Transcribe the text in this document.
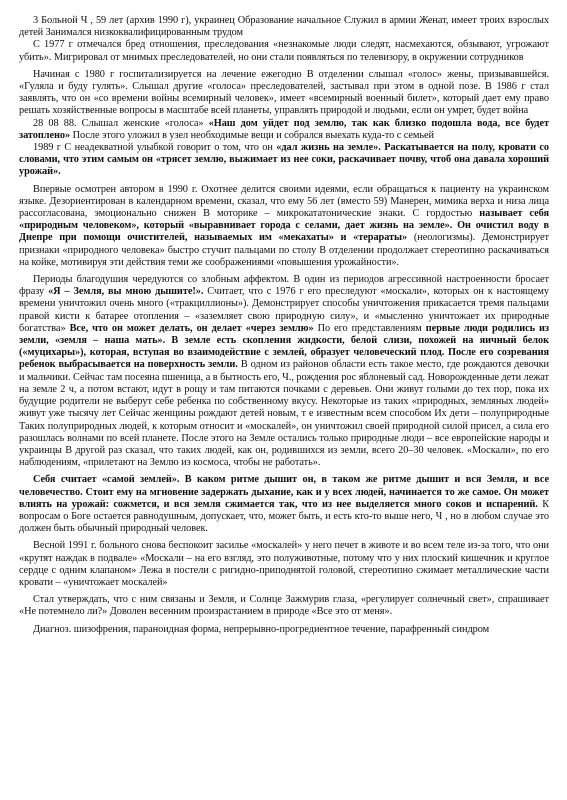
3 Больной Ч , 59 лет (архив 1990 г), украинец Образование начальное Служил в армии Женат, имеет троих взрослых детей Занимался низкоквалифицированным трудом

С 1977 г отмечался бред отношения, преследования «незнакомые люди следят, насмехаются, обзывают, угрожают убить». Мигрировал от мнимых преследователей, но они стали появляться по телевизору, в окружении сотрудников

Начиная с 1980 г госпитализируется на лечение ежегодно В отделении слышал «голос» жены, призывавшейся. «Гуляла и буду гулять». Слышал другие «голоса» преследователей, застывал при этом в одной позе. В 1986 г стал заявлять, что он «со времени войны всемирный человек», имеет «всемирный военный билет», который дает ему право решать хозяйственные вопросы в масштабе всей планеты, управлять природой и людьми, если он умрет, будет война

28 08 88. Слышал женские «голоса» «Наш дом уйдет под землю, так как близко подошла вода, все будет затоплено» После этого уложил в узел необходимые вещи и собрался выехать куда-то с семьей

1989 г С неадекватной улыбкой говорит о том, что он «дал жизнь на земле». Раскатывается на полу, кровати со словами, что этим самым он «трясет землю, выжимает из нее соки, раскачивает почву, чтоб она давала хороший урожай».

Впервые осмотрен автором в 1990 г. Охотнее делится своими идеями, если обращаться к пациенту на украинском языке. Дезориентирован в календарном времени, сказал, что ему 56 лет (вместо 59) Манерен, мимика верха и низа лица рассогласована, эмоционально снижен В моторике – микрокататонические знаки. С гордостью называет себя «природным человеком», который «выравнивает города с селами, дает жизнь на земле». Он очистил воду в Днепре при помощи очистителей, называемых им «мекахаты» и «терараты» (неологизмы). Демонстрирует признаки «природного человека» быстро стучит пальцами по столу В отделении продолжает стереотипно раскачиваться на койке, мотивируя эти действия теми же соображениями «повышения урожайности».

Периоды благодушия чередуются со злобным аффектом. В один из периодов агрессивной настроенности бросает фразу «Я – Земля, вы мною дышите!». Считает, что с 1976 г его преследуют «москали», которых он к настоящему времени уничтожил очень много («тракциллионы»). Демонстрирует способы уничтожения прикасается тремя пальцами правой кисти к батарее отопления – «заземляет свою природную силу», и «мысленно уничтожает их природные богатства» Все, что он может делать, он делает «через землю» По его представлениям первые люди родились из земли, «земля – наша мать». В земле есть скопления жидкости, белой слизи, похожей на яичный белок («муцихары»), которая, вступая во взаимодействие с землей, образует человеческий плод. После его созревания ребенок выбрасывается на поверхность земли. В одном из районов области есть такое место, где рождаются девочки и мальчики. Сейчас там посеяна пшеница, а в бытность его, Ч., рождения рос яблоневый сад. Новорожденные дети лежат на земле 2 ч, а потом встают, идут в рощу и там питаются почками с деревьев. Они живут голыми до тех пор, пока их будущие родители не выберут себе ребенка по собственному вкусу. Некоторые из таких «природных, земляных людей» живут уже тысячу лет Сейчас женщины рождают детей новым, т е известным всем способом Их дети – полуприродные Таких полуприродных людей, к которым относит и «москалей», он уничтожил своей природной силой присел, а сила его разошлась волнами по всей планете. После этого на Земле остались только природные люди – все европейские народы и украинцы В другой раз сказал, что таких людей, как он, родившихся из земли, всего 20–30 человек. «Москали», по его наблюдениям, «прилетают на Землю из космоса, чтобы не работать».

Себя считает «самой землей». В каком ритме дышит он, в таком же ритме дышит и вся Земля, и все человечество. Стоит ему на мгновение задержать дыхание, как и у всех людей, начинается то же самое. Он может влиять на урожай: сожмется, и вся земля сжимается так, что из нее выделяется много соков и испарений. К вопросам о Боге остается равнодушным, допускает, что, может быть, и есть кто-то выше него, Ч , но в любом случае это должен быть обычный природный человек.

Весной 1991 г. больного снова беспокоит засилье «москалей» у него печет в животе и во всем теле из-за того, что они «крутят наждак в подвале» «Москали – на его взгляд, это полуживотные, потому что у них плоский кишечник и круглое сердце с одним клапаном» Лежа в постели с ригидно-приподнятой головой, стереотипно сжимает металлические части кровати – «уничтожает москалей»

Стал утверждать, что с ним связаны и Земля, и Солнце Зажмурив глаза, «регулирует солнечный свет», спрашивает «Не потемнело ли?» Доволен весенним произрастанием в природе «Все это от меня».

Диагноз. шизофрения, параноидная форма, непрерывно-прогредиентное течение, парафренный синдром
